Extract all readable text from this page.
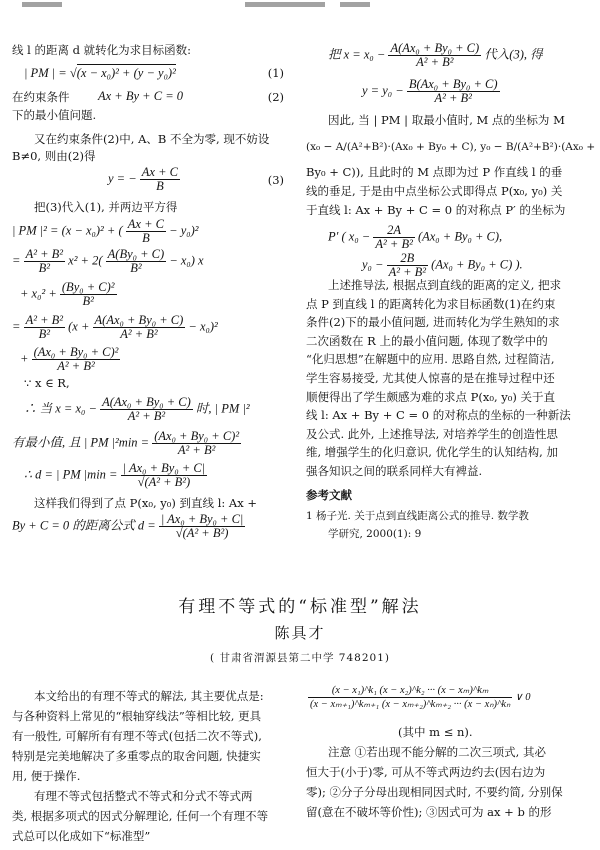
线 l 的距离 d 就转化为求目标函数:
| PM | = √(x − x₀)² + (y − y₀)²	(1)
在约束条件 Ax + By + C = 0	(2)
下的最小值问题.
又在约束条件(2)中, A、B 不全为零, 现不妨设
B≠0, 则由(2)得
y = − $\frac{Ax + C}{B}$	(3)
把(3)代入(1), 并两边平方得
| PM |² = (x − x₀)² + ( $\frac{Ax + C}{B} - y_0)^2$
= $\frac{\text{A² + B²}}{\text{B²}} x^2 + 2( \frac{\text{A(By₀ + C)}}{\text{B²}} - x_0)$ x
+ $x_0^2 + \frac{\text{(By₀ + C)²}}{\text{B²}}$
= $\frac{\text{A² + B²}}{\text{B²}} (x + \frac{\text{A(Ax₀ + By₀ + C)}}{\text{A² + B²}} - x_0)^2$
+ $\frac{\text{(Ax₀ + By₀ + C)²}}{\text{A² + B²}}$
∵ x ∈ R,
∴ 当 $x = x_0 - \frac{\text{A(Ax₀ + By₀ + C)}}{\text{A² + B²}}$ 时, | PM |²
有最小值, 且 | PM $|^2\min = \frac{\text{(Ax₀ + By₀ + C)²}}{\text{A² + B²}}$
∴ d = | PM $|\min = \frac{\text{| Ax₀ + By₀ + C|}}{\text{√(A² + B²)}}$
这样我们得到了点 P(x₀, y₀) 到直线 l: Ax +
By + C = 0 的距离公式 $d = \frac{\text{| Ax₀ + By₀ + C|}}{\text{√(A² + B²)}}$
把 $x = x_0 - \frac{\text{A(Ax₀ + By₀ + C)}}{\text{A² + B²}}$ 代入(3), 得
$y = y_0 - \frac{\text{B(Ax₀ + By₀ + C)}}{\text{A² + B²}}$
因此, 当 | PM | 取最小值时, M 点的坐标为 M
(x₀ − A/(A²+B²)·(Ax₀ + By₀ + C), y₀ − B/(A²+B²)·(Ax₀ +
By₀ + C)), 且此时的 M 点即为过 P 作直线 l 的垂
线的垂足, 于是由中点坐标公式即得点 P(x₀, y₀) 关
于直线 l: Ax + By + C = 0 的对称点 P′ 的坐标为
P′ ( $x_0 - \frac{2A}{\text{A² + B²}} (Ax_0 + By_0 + C)$,
$y_0 - \frac{2B}{\text{A² + B²}} (Ax_0 + By_0 + C)$ ).
上述推导法, 根据点到直线的距离的定义, 把求
点 P 到直线 l 的距离转化为求目标函数(1)在约束
条件(2)下的最小值问题, 进而转化为学生熟知的求
二次函数在 R 上的最小值问题, 体现了数学中的
“化归思想”在解题中的应用. 思路自然, 过程简洁,
学生容易接受, 尤其使人惊喜的是在推导过程中还
顺便得出了学生颇感为难的求点 P(x₀, y₀) 关于直
线 l: Ax + By + C = 0 的对称点的坐标的一种新法
及公式. 此外, 上述推导法, 对培养学生的创造性思
维, 增强学生的化归意识, 优化学生的认知结构, 加
强各知识之间的联系同样大有裨益.
参考文献
1 杨子光. 关于点到直线距离公式的推导. 数学教
学研究, 2000(1): 9
有理不等式的“标准型”解法
陈具才
( 甘肃省渭源县第二中学 748201)
本文给出的有理不等式的解法, 其主要优点是:
与各种资料上常见的“根轴穿线法”等相比较, 更具
有一般性, 可解所有有理不等式(包括二次不等式),
特别是完美地解决了多重零点的取舍问题, 快捷实
用, 便于操作.
有理不等式包括整式不等式和分式不等式两
类, 根据多项式的因式分解理论, 任何一个有理不等
式总可以化成如下“标准型”
$\frac{\text{(x − x₁)\textasciicircum{}k₁ (x − x₂)\textasciicircum{}k₂ ··· (x − xₘ)\textasciicircum{}kₘ}}{\text{(x − xₘ₊₁)\textasciicircum{}kₘ₊₁ (x − xₘ₊₂)\textasciicircum{}kₘ₊₂ ··· (x − xₙ)\textasciicircum{}kₙ}}$ ∨ 0
(其中 m ≤ n).
注意 ①若出现不能分解的二次三项式, 其必
恒大于(小于)零, 可从不等式两边约去(因右边为
零); ②分子分母出现相同因式时, 不要约简, 分别保
留(意在不破坏等价性); ③因式可为 ax + b 的形
